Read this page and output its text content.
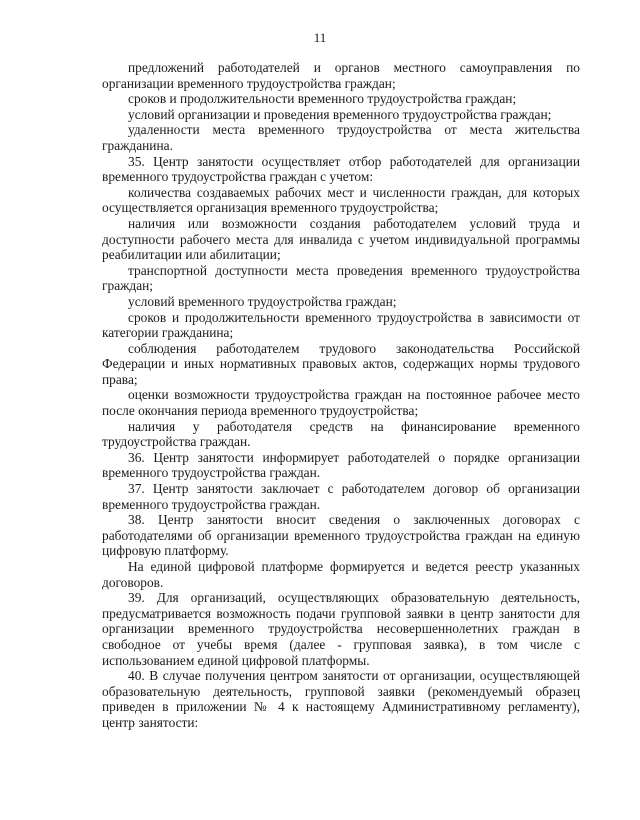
11

предложений работодателей и органов местного самоуправления по организации временного трудоустройства граждан;

сроков и продолжительности временного трудоустройства граждан;

условий организации и проведения временного трудоустройства граждан;

удаленности места временного трудоустройства от места жительства гражданина.

35. Центр занятости осуществляет отбор работодателей для организации временного трудоустройства граждан с учетом:

количества создаваемых рабочих мест и численности граждан, для которых осуществляется организация временного трудоустройства;

наличия или возможности создания работодателем условий труда и доступности рабочего места для инвалида с учетом индивидуальной программы реабилитации или абилитации;

транспортной доступности места проведения временного трудоустройства граждан;

условий временного трудоустройства граждан;

сроков и продолжительности временного трудоустройства в зависимости от категории гражданина;

соблюдения работодателем трудового законодательства Российской Федерации и иных нормативных правовых актов, содержащих нормы трудового права;

оценки возможности трудоустройства граждан на постоянное рабочее место после окончания периода временного трудоустройства;

наличия у работодателя средств на финансирование временного трудоустройства граждан.

36. Центр занятости информирует работодателей о порядке организации временного трудоустройства граждан.

37. Центр занятости заключает с работодателем договор об организации временного трудоустройства граждан.

38. Центр занятости вносит сведения о заключенных договорах с работодателями об организации временного трудоустройства граждан на единую цифровую платформу.

На единой цифровой платформе формируется и ведется реестр указанных договоров.

39. Для организаций, осуществляющих образовательную деятельность, предусматривается возможность подачи групповой заявки в центр занятости для организации временного трудоустройства несовершеннолетних граждан в свободное от учебы время (далее - групповая заявка), в том числе с использованием единой цифровой платформы.

40. В случае получения центром занятости от организации, осуществляющей образовательную деятельность, групповой заявки (рекомендуемый образец приведен в приложении № 4 к настоящему Административному регламенту), центр занятости:
